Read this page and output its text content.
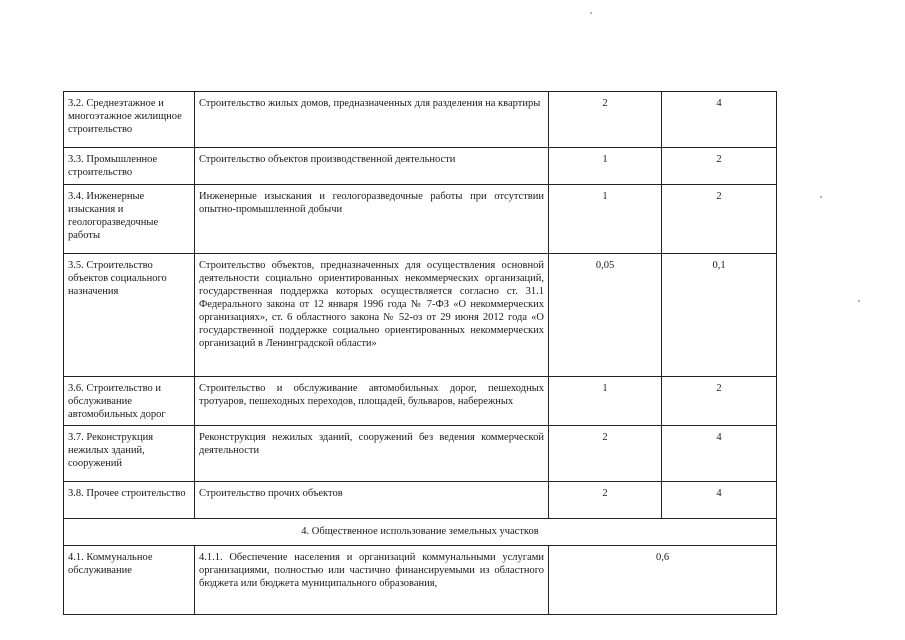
3.2. Среднеэтажное и многоэтажное жилищное строительство	Строительство жилых домов, предназначенных для разделения на квартиры	2	4
3.3. Промышленное строительство	Строительство объектов производственной деятельности	1	2
3.4. Инженерные изыскания и геологоразведочные работы	Инженерные изыскания и геологоразведочные работы при отсутствии опытно-промышленной добычи	1	2
3.5. Строительство объектов социального назначения	Строительство объектов, предназначенных для осуществления основной деятельности социально ориентированных некоммерческих организаций, государственная поддержка которых осуществляется согласно ст. 31.1 Федерального закона от 12 января 1996 года № 7-ФЗ «О некоммерческих организациях», ст. 6 областного закона № 52-оз от 29 июня 2012 года «О государственной поддержке социально ориентированных некоммерческих организаций в Ленинградской области»	0,05	0,1
3.6. Строительство и обслуживание автомобильных дорог	Строительство и обслуживание автомобильных дорог, пешеходных тротуаров, пешеходных переходов, площадей, бульваров, набережных	1	2
3.7. Реконструкция нежилых зданий, сооружений	Реконструкция нежилых зданий, сооружений без ведения коммерческой деятельности	2	4
3.8. Прочее строительство	Строительство прочих объектов	2	4
4. Общественное использование земельных участков			
4.1. Коммунальное обслуживание	4.1.1. Обеспечение населения и организаций коммунальными услугами организациями, полностью или частично финансируемыми из областного бюджета или бюджета муниципального образования,	0,6	
